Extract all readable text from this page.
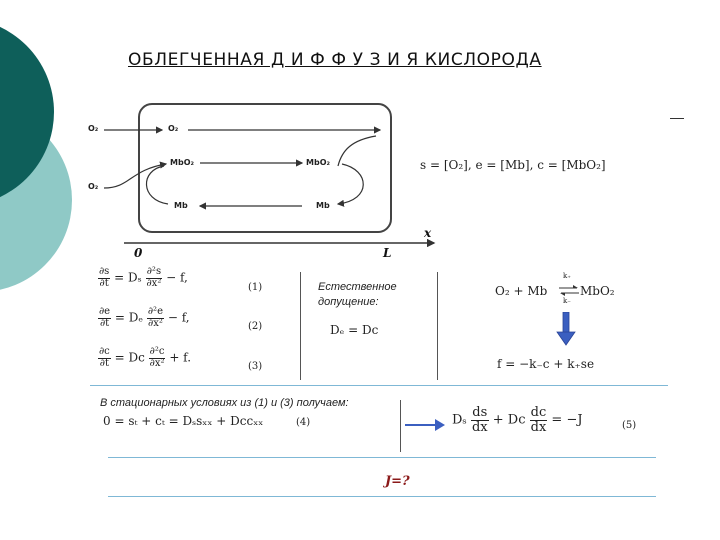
ОБЛЕГЧЕННАЯ Д И Ф Ф У З И Я КИСЛОРОДА
O₂	O₂
O₂
MbO₂	MbO₂
Mb	Mb
x
0	L
s = [O₂], e = [Mb], c = [MbO₂]
$\frac{\partial s}{\partial t} = D_s \frac{\text{∂²s}}{\text{∂x²}} - f$,
(1)
$\frac{\partial e}{\partial t} = D_e \frac{\text{∂²e}}{\text{∂x²}} - f$,
(2)
$\frac{\partial c}{\partial t} = Dc \frac{\text{∂²c}}{\text{∂x²}} + f$.
(3)
Естественное
допущение:
Dₑ = Dc
O₂ + Mb ⇌
k₊
k₋
MbO₂
f = −k₋c + k₊se
В стационарных условиях из (1) и (3) получаем:
0 = sₜ + cₜ = Dₛsₓₓ + Dcсₓₓ	(4)	Dₛ $\frac{ds}{dx} + Dc \frac{dc}{dx} = -J$	(5)
J=?
